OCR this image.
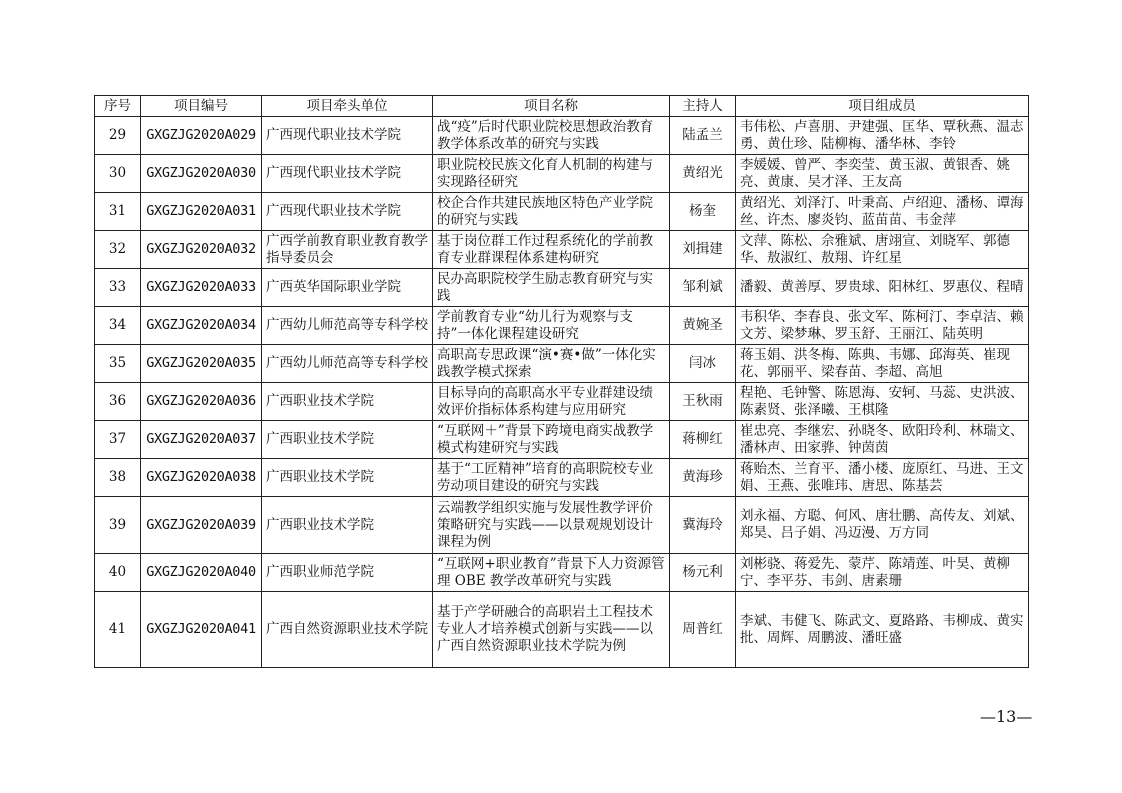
序号	项目编号	项目牵头单位	项目名称	主持人	项目组成员
29	GXGZJG2020A029	广西现代职业技术学院	战“疫”后时代职业院校思想政治教育教学体系改革的研究与实践	陆孟兰	韦伟松、卢喜朋、尹建强、匡华、覃秋燕、温志勇、黄仕珍、陆柳梅、潘华林、李铃
30	GXGZJG2020A030	广西现代职业技术学院	职业院校民族文化育人机制的构建与实现路径研究	黄绍光	李媛媛、曾严、李奕莹、黄玉淑、黄银香、姚亮、黄康、吴才泽、王友高
31	GXGZJG2020A031	广西现代职业技术学院	校企合作共建民族地区特色产业学院的研究与实践	杨奎	黄绍光、刘泽汀、叶秉高、卢绍迎、潘杨、谭海丝、许杰、廖炎钧、蓝苗苗、韦金萍
32	GXGZJG2020A032	广西学前教育职业教育教学指导委员会	基于岗位群工作过程系统化的学前教育专业群课程体系建构研究	刘揖建	文萍、陈松、佘雅斌、唐翊宣、刘晓军、郭德华、敖淑红、敖翔、许红星
33	GXGZJG2020A033	广西英华国际职业学院	民办高职院校学生励志教育研究与实践	邹利斌	潘毅、黄善厚、罗贵球、阳林红、罗惠仪、程晴
34	GXGZJG2020A034	广西幼儿师范高等专科学校	学前教育专业“幼儿行为观察与支持”一体化课程建设研究	黄婉圣	韦积华、李春良、张文军、陈柯汀、李卓洁、赖文芳、梁梦琳、罗玉舒、王丽江、陆英明
35	GXGZJG2020A035	广西幼儿师范高等专科学校	高职高专思政课“演•赛•做”一体化实践教学模式探索	闫冰	蒋玉娟、洪冬梅、陈典、韦娜、邱海英、崔现花、郭丽平、梁春苗、李超、高旭
36	GXGZJG2020A036	广西职业技术学院	目标导向的高职高水平专业群建设绩效评价指标体系构建与应用研究	王秋雨	程艳、毛钟警、陈恩海、安轲、马蕊、史洪波、陈素贤、张泽曦、王棋隆
37	GXGZJG2020A037	广西职业技术学院	“互联网＋”背景下跨境电商实战教学模式构建研究与实践	蒋柳红	崔忠亮、李继宏、孙晓冬、欧阳玲利、林瑞文、潘林声、田家骅、钟茵茵
38	GXGZJG2020A038	广西职业技术学院	基于“工匠精神”培育的高职院校专业劳动项目建设的研究与实践	黄海珍	蒋贻杰、兰育平、潘小楼、庞原红、马进、王文娟、王燕、张唯玮、唐思、陈基芸
39	GXGZJG2020A039	广西职业技术学院	云端教学组织实施与发展性教学评价策略研究与实践——以景观规划设计课程为例	冀海玲	刘永福、方聪、何风、唐壮鹏、高传友、刘斌、郑昊、吕子娟、冯迈漫、万方同
40	GXGZJG2020A040	广西职业师范学院	“互联网+职业教育”背景下人力资源管理 OBE 教学改革研究与实践	杨元利	刘彬骁、蒋爱先、蒙芹、陈靖莲、叶昊、黄柳宁、李平芬、韦剑、唐素珊
41	GXGZJG2020A041	广西自然资源职业技术学院	基于产学研融合的高职岩土工程技术专业人才培养模式创新与实践——以广西自然资源职业技术学院为例	周普红	李斌、韦健飞、陈武文、夏路路、韦柳成、黄实批、周辉、周鹏波、潘旺盛
—13—
